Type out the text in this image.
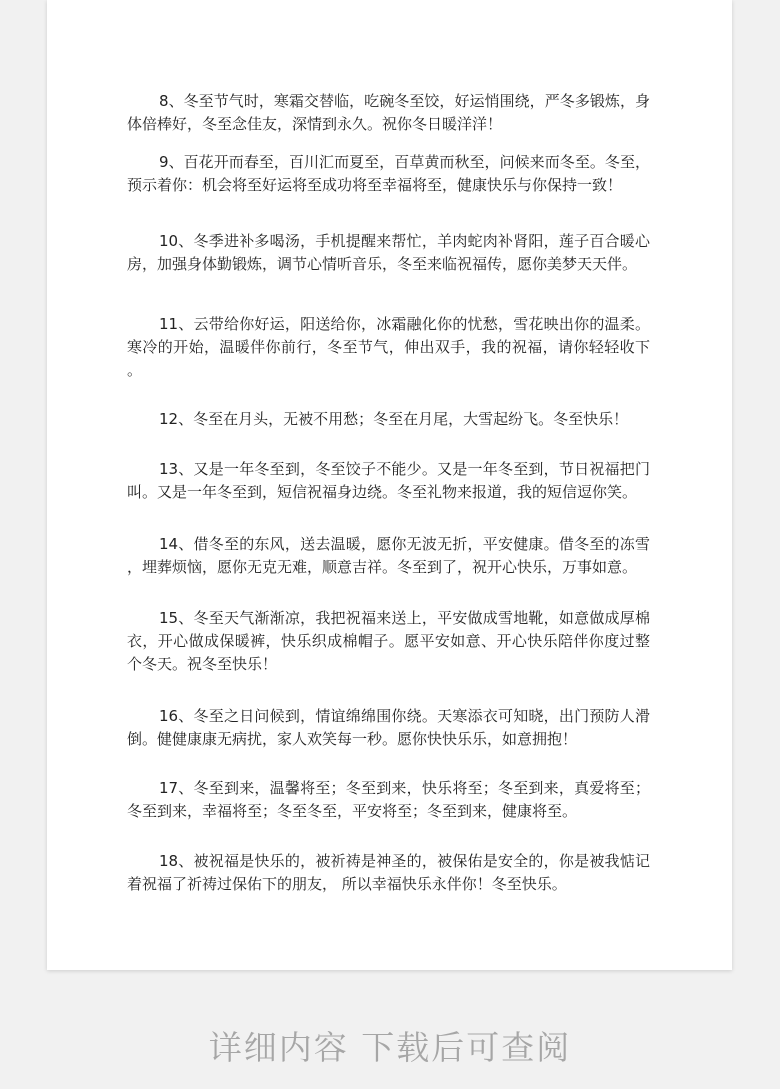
8、冬至节气时，寒霜交替临，吃碗冬至饺，好运悄围绕，严冬多锻炼，身
体倍棒好，冬至念佳友，深情到永久。祝你冬日暖洋洋！
9、百花开而春至，百川汇而夏至，百草黄而秋至，问候来而冬至。冬至，
预示着你：机会将至好运将至成功将至幸福将至，健康快乐与你保持一致！
10、冬季进补多喝汤，手机提醒来帮忙，羊肉蛇肉补肾阳，莲子百合暖心
房，加强身体勤锻炼，调节心情听音乐，冬至来临祝福传，愿你美梦天天伴。
11、云带给你好运，阳送给你，冰霜融化你的忧愁，雪花映出你的温柔。
寒冷的开始，温暖伴你前行，冬至节气，伸出双手，我的祝福，请你轻轻收下
。
12、冬至在月头，无被不用愁；冬至在月尾，大雪起纷飞。冬至快乐！
13、又是一年冬至到，冬至饺子不能少。又是一年冬至到，节日祝福把门
叫。又是一年冬至到，短信祝福身边绕。冬至礼物来报道，我的短信逗你笑。
14、借冬至的东风，送去温暖，愿你无波无折，平安健康。借冬至的冻雪
，埋葬烦恼，愿你无克无难，顺意吉祥。冬至到了，祝开心快乐，万事如意。
15、冬至天气渐渐凉，我把祝福来送上，平安做成雪地靴，如意做成厚棉
衣，开心做成保暖裤，快乐织成棉帽子。愿平安如意、开心快乐陪伴你度过整
个冬天。祝冬至快乐！
16、冬至之日问候到，情谊绵绵围你绕。天寒添衣可知晓，出门预防人滑
倒。健健康康无病扰，家人欢笑每一秒。愿你快快乐乐，如意拥抱！
17、冬至到来，温馨将至；冬至到来，快乐将至；冬至到来，真爱将至；
冬至到来，幸福将至；冬至冬至，平安将至；冬至到来，健康将至。
18、被祝福是快乐的，被祈祷是神圣的，被保佑是安全的，你是被我惦记
着祝福了祈祷过保佑下的朋友， 所以幸福快乐永伴你！冬至快乐。
详细内容 下载后可查阅
